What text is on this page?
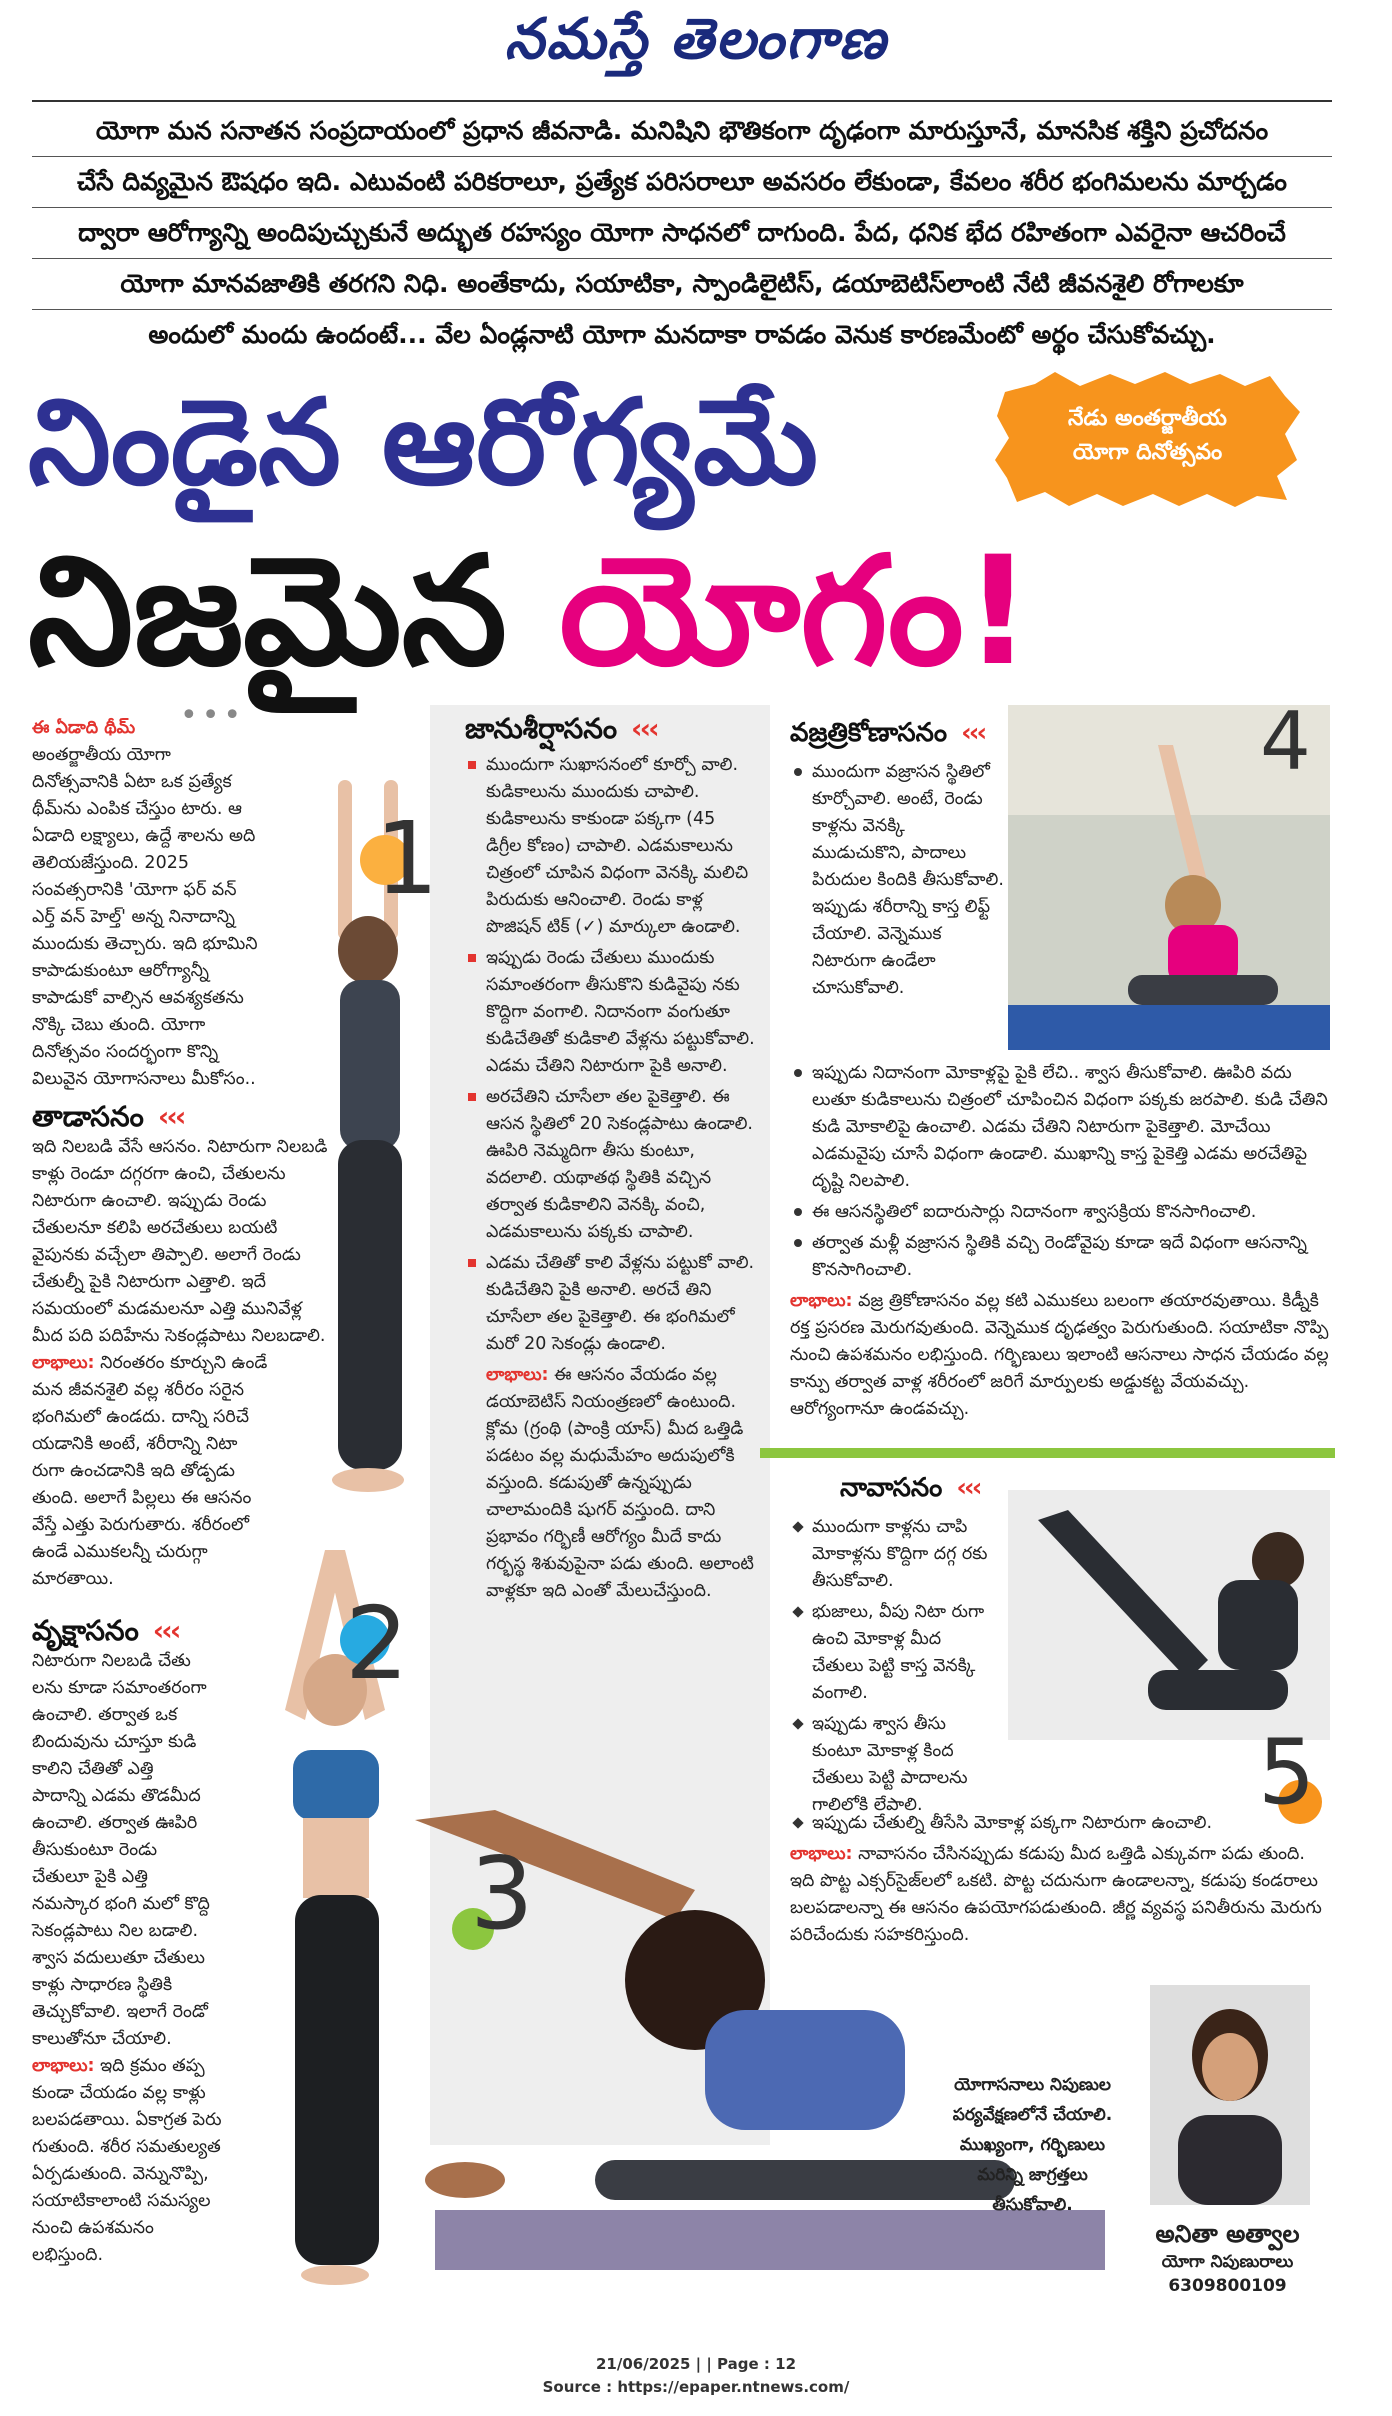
నమస్తే తెలంగాణ
యోగా మన సనాతన సంప్రదాయంలో ప్రధాన జీవనాడి. మనిషిని భౌతికంగా దృఢంగా మారుస్తూనే, మానసిక శక్తిని ప్రచోదనం
చేసే దివ్యమైన ఔషధం ఇది. ఎటువంటి పరికరాలూ, ప్రత్యేక పరిసరాలూ అవసరం లేకుండా, కేవలం శరీర భంగిమలను మార్చడం
ద్వారా ఆరోగ్యాన్ని అందిపుచ్చుకునే అద్భుత రహస్యం యోగా సాధనలో దాగుంది. పేద, ధనిక భేద రహితంగా ఎవరైనా ఆచరించే
యోగా మానవజాతికి తరగని నిధి. అంతేకాదు, సయాటికా, స్పాండిలైటిస్, డయాబెటిస్‌లాంటి నేటి జీవనశైలి రోగాలకూ
అందులో మందు ఉందంటే... వేల ఏండ్లనాటి యోగా మనదాకా రావడం వెనుక కారణమేంటో అర్థం చేసుకోవచ్చు.
నిండైన ఆరోగ్యమే
నిజమైన యోగం!
నేడు అంతర్జాతీయ
యోగా దినోత్సవం
•••
ఈ ఏడాది థీమ్
అంతర్జాతీయ యోగా దినోత్సవానికి ఏటా ఒక ప్రత్యేక థీమ్‌ను ఎంపిక చేస్తుం టారు. ఆ ఏడాది లక్ష్యాలు, ఉద్దే శాలను అది తెలియజేస్తుంది. 2025 సంవత్సరానికి 'యోగా ఫర్ వన్ ఎర్త్ వన్ హెల్త్' అన్న నినాదాన్ని ముందుకు తెచ్చారు. ఇది భూమిని కాపాడుకుంటూ ఆరోగ్యాన్నీ కాపాడుకో వాల్సిన ఆవశ్యకతను నొక్కి చెబు తుంది. యోగా దినోత్సవం సందర్భంగా కొన్ని విలువైన యోగాసనాలు మీకోసం..
తాడాసనం ‹‹‹
ఇది నిలబడి వేసే ఆసనం. నిటారుగా నిలబడి కాళ్లు రెండూ దగ్గరగా ఉంచి, చేతులను నిటారుగా ఉంచాలి. ఇప్పుడు రెండు చేతులనూ కలిపి అరచేతులు బయటి వైపునకు వచ్చేలా తిప్పాలి. అలాగే రెండు చేతుల్నీ పైకి నిటారుగా ఎత్తాలి. ఇదే సమయంలో మడమలనూ ఎత్తి మునివేళ్ల మీద పది పదిహేను సెకండ్లపాటు నిలబడాలి.
లాభాలు: నిరంతరం కూర్చుని ఉండే మన జీవనశైలి వల్ల శరీరం సరైన భంగిమలో ఉండదు. దాన్ని సరిచే యడానికి అంటే, శరీరాన్ని నిటా రుగా ఉంచడానికి ఇది తోడ్పడు తుంది. అలాగే పిల్లలు ఈ ఆసనం వేస్తే ఎత్తు పెరుగుతారు. శరీరంలో ఉండే ఎముకలన్నీ చురుగ్గా మారతాయి.
వృక్షాసనం ‹‹‹
నిటారుగా నిలబడి చేతు లను కూడా సమాంతరంగా ఉంచాలి. తర్వాత ఒక బిందువును చూస్తూ కుడి కాలిని చేతితో ఎత్తి పాదాన్ని ఎడమ తొడమీద ఉంచాలి. తర్వాత ఊపిరి తీసుకుంటూ రెండు చేతులూ పైకి ఎత్తి నమస్కార భంగి మలో కొద్ది సెకండ్లపాటు నిల బడాలి. శ్వాస వదులుతూ చేతులు కాళ్లు సాధారణ స్థితికి తెచ్చుకోవాలి. ఇలాగే రెండో కాలుతోనూ చేయాలి.
లాభాలు: ఇది క్రమం తప్ప కుండా చేయడం వల్ల కాళ్లు బలపడతాయి. ఏకాగ్రత పెరు గుతుంది. శరీర సమతుల్యత ఏర్పడుతుంది. వెన్నునొప్పి, సయాటికాలాంటి సమస్యల నుంచి ఉపశమనం లభిస్తుంది.
1
2
జానుశీర్షాసనం ‹‹‹
ముందుగా సుఖాసనంలో కూర్చో వాలి. కుడికాలును ముందుకు చాపాలి. కుడికాలును కాకుండా పక్కగా (45 డిగ్రీల కోణం) చాపాలి. ఎడమకాలును చిత్రంలో చూపిన విధంగా వెనక్కి మలిచి పిరుదుకు ఆనించాలి. రెండు కాళ్ల పొజిషన్ టిక్ (✓) మార్కులా ఉండాలి.
ఇప్పుడు రెండు చేతులు ముందుకు సమాంతరంగా తీసుకొని కుడివైపు నకు కొద్దిగా వంగాలి. నిదానంగా వంగుతూ కుడిచేతితో కుడికాలి వేళ్లను పట్టుకోవాలి. ఎడమ చేతిని నిటారుగా పైకి అనాలి.
అరచేతిని చూసేలా తల పైకెత్తాలి. ఈ ఆసన స్థితిలో 20 సెకండ్లపాటు ఉండాలి. ఊపిరి నెమ్మదిగా తీసు కుంటూ, వదలాలి. యథాతథ స్థితికి వచ్చిన తర్వాత కుడికాలిని వెనక్కి వంచి, ఎడమకాలును పక్కకు చాపాలి.
ఎడమ చేతితో కాలి వేళ్లను పట్టుకో వాలి. కుడిచేతిని పైకి అనాలి. అరచే తిని చూసేలా తల పైకెత్తాలి. ఈ భంగిమలో మరో 20 సెకండ్లు ఉండాలి.
లాభాలు: ఈ ఆసనం వేయడం వల్ల డయాబెటిస్ నియంత్రణలో ఉంటుంది. క్లోమ (గ్రంథి (పాంక్రి యాస్) మీద ఒత్తిడి పడటం వల్ల మధుమేహం అదుపులోకి వస్తుంది. కడుపుతో ఉన్నప్పుడు చాలామందికి షుగర్ వస్తుంది. దాని ప్రభావం గర్భిణీ ఆరోగ్యం మీదే కాదు గర్భస్థ శిశువుపైనా పడు తుంది. అలాంటి వాళ్లకూ ఇది ఎంతో మేలుచేస్తుంది.
3
వజ్రత్రికోణాసనం ‹‹‹
ముందుగా వజ్రాసన స్థితిలో కూర్చోవాలి. అంటే, రెండు కాళ్లను వెనక్కి ముడుచుకొని, పాదాలు పిరుదుల కిందికి తీసుకోవాలి. ఇప్పుడు శరీరాన్ని కాస్త లిఫ్ట్ చేయాలి. వెన్నెముక నిటారుగా ఉండేలా చూసుకోవాలి.
4
ఇప్పుడు నిదానంగా మోకాళ్లపై పైకి లేచి.. శ్వాస తీసుకోవాలి. ఊపిరి వదు లుతూ కుడికాలును చిత్రంలో చూపించిన విధంగా పక్కకు జరపాలి. కుడి చేతిని కుడి మోకాలిపై ఉంచాలి. ఎడమ చేతిని నిటారుగా పైకెత్తాలి. మోచేయి ఎడమవైపు చూసే విధంగా ఉండాలి. ముఖాన్ని కాస్త పైకెత్తి ఎడమ అరచేతిపై దృష్టి నిలపాలి.
ఈ ఆసనస్థితిలో ఐదారుసార్లు నిదానంగా శ్వాసక్రియ కొనసాగించాలి.
తర్వాత మళ్లీ వజ్రాసన స్థితికి వచ్చి రెండోవైపు కూడా ఇదే విధంగా ఆసనాన్ని కొనసాగించాలి.
లాభాలు: వజ్ర త్రికోణాసనం వల్ల కటి ఎముకలు బలంగా తయారవుతాయి. కిడ్నీకి రక్త ప్రసరణ మెరుగవుతుంది. వెన్నెముక దృఢత్వం పెరుగుతుంది. సయాటికా నొప్పి నుంచి ఉపశమనం లభిస్తుంది. గర్భిణులు ఇలాంటి ఆసనాలు సాధన చేయడం వల్ల కాన్పు తర్వాత వాళ్ల శరీరంలో జరిగే మార్పులకు అడ్డుకట్ట వేయవచ్చు. ఆరోగ్యంగానూ ఉండవచ్చు.
నావాసనం ‹‹‹
ముందుగా కాళ్లను చాపి మోకాళ్లను కొద్దిగా దగ్గ రకు తీసుకోవాలి.
భుజాలు, వీపు నిటా రుగా ఉంచి మోకాళ్ల మీద చేతులు పెట్టి కాస్త వెనక్కి వంగాలి.
ఇప్పుడు శ్వాస తీసు కుంటూ మోకాళ్ల కింద చేతులు పెట్టి పాదాలను గాలిలోకి లేపాలి.	5
ఇప్పుడు చేతుల్ని తీసేసి మోకాళ్ల పక్కగా నిటారుగా ఉంచాలి.
లాభాలు: నావాసనం చేసినప్పుడు కడుపు మీద ఒత్తిడి ఎక్కువగా పడు తుంది. ఇది పొట్ట ఎక్సర్‌సైజ్‌లలో ఒకటి. పొట్ట చదునుగా ఉండాలన్నా, కడుపు కండరాలు బలపడాలన్నా ఈ ఆసనం ఉపయోగపడుతుంది. జీర్ణ వ్యవస్థ పనితీరును మెరుగు పరిచేందుకు సహకరిస్తుంది.
యోగాసనాలు నిపుణుల
పర్యవేక్షణలోనే చేయాలి.
ముఖ్యంగా, గర్భిణులు
మరిన్ని జాగ్రత్తలు
తీసుకోవాలి.
అనితా అత్వాల
యోగా నిపుణురాలు
6309800109
21/06/2025 | | Page : 12
Source : https://epaper.ntnews.com/
